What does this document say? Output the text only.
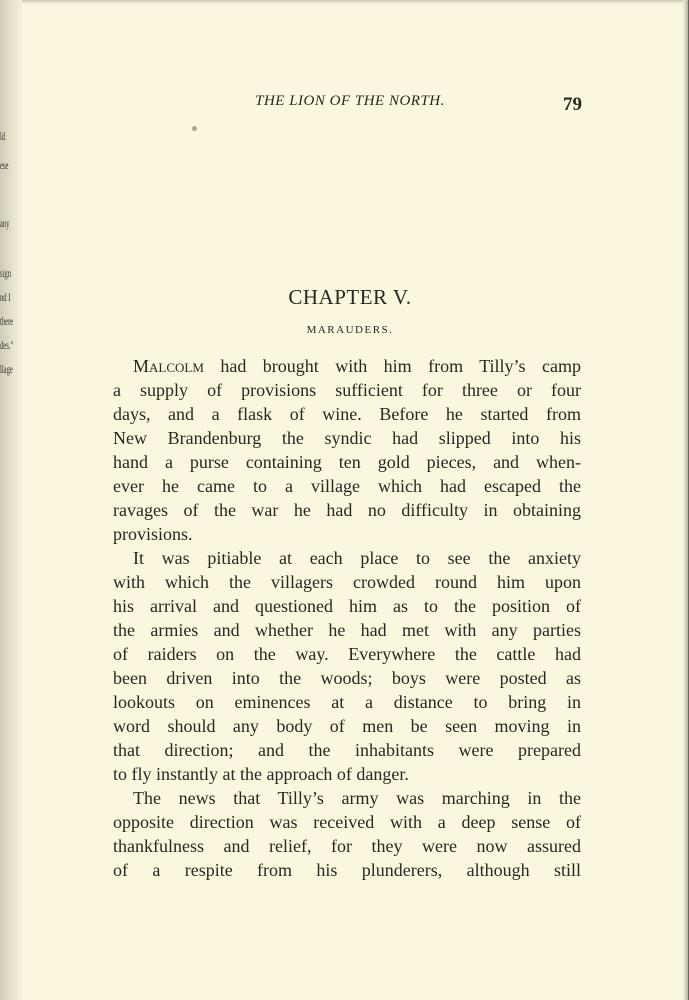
ld
ese
any
sign
nd I
there
des."
llage
THE LION OF THE NORTH.	79
CHAPTER V.
MARAUDERS.
Malcolm had brought with him from Tilly’s camp
a supply of provisions sufficient for three or four
days, and a flask of wine. Before he started from
New Brandenburg the syndic had slipped into his
hand a purse containing ten gold pieces, and when-
ever he came to a village which had escaped the
ravages of the war he had no difficulty in obtaining
provisions.
It was pitiable at each place to see the anxiety
with which the villagers crowded round him upon
his arrival and questioned him as to the position of
the armies and whether he had met with any parties
of raiders on the way. Everywhere the cattle had
been driven into the woods; boys were posted as
lookouts on eminences at a distance to bring in
word should any body of men be seen moving in
that direction; and the inhabitants were prepared
to fly instantly at the approach of danger.
The news that Tilly’s army was marching in the
opposite direction was received with a deep sense of
thankfulness and relief, for they were now assured
of a respite from his plunderers, although still
